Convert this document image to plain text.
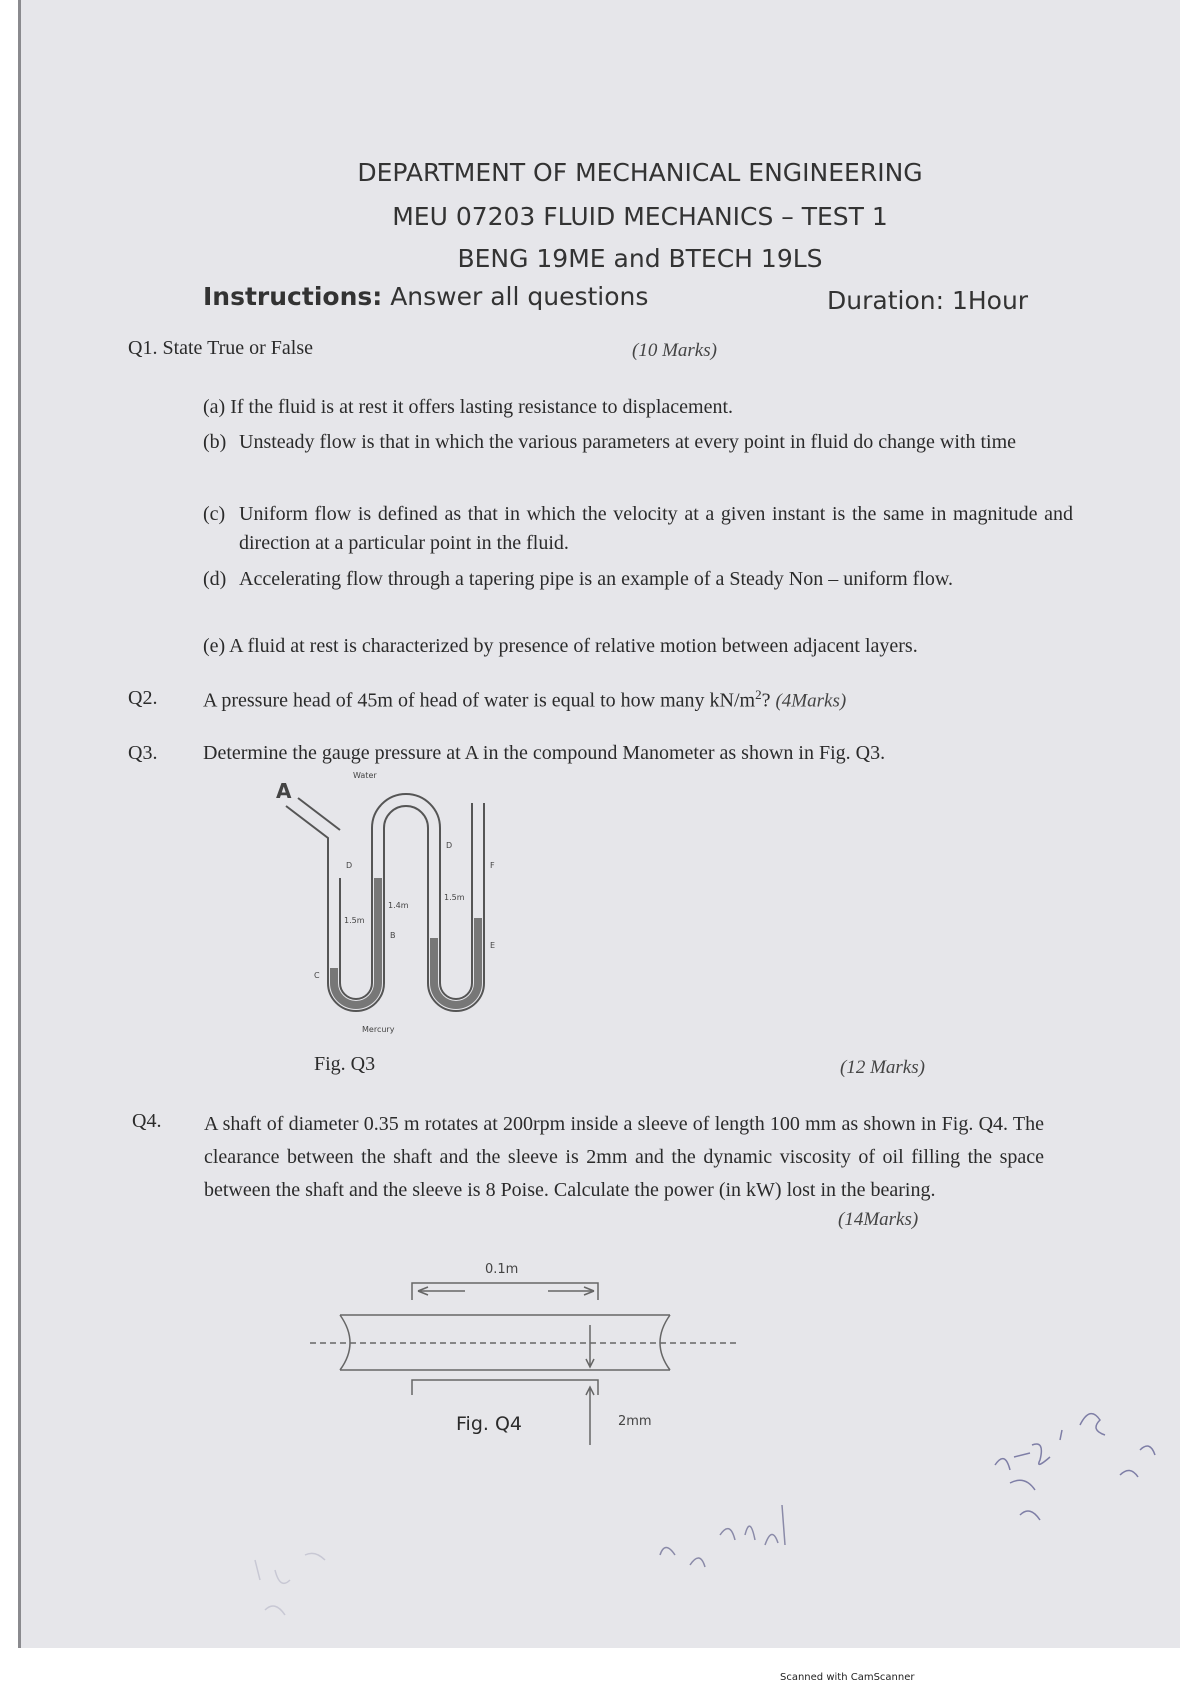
DEPARTMENT OF MECHANICAL ENGINEERING
MEU 07203 FLUID MECHANICS – TEST 1
BENG 19ME and BTECH 19LS
Instructions: Answer all questions	Duration: 1Hour
Q1. State True or False	(10 Marks)
(a) If the fluid is at rest it offers lasting resistance to displacement.
(b) Unsteady flow is that in which the various parameters at every point in fluid do change with time
(c) Uniform flow is defined as that in which the velocity at a given instant is the same in magnitude and direction at a particular point in the fluid.
(d) Accelerating flow through a tapering pipe is an example of a Steady Non – uniform flow.
(e) A fluid at rest is characterized by presence of relative motion between adjacent layers.
Q2. A pressure head of 45m of head of water is equal to how many $kN/m^2$? (4Marks)
Q3. Determine the gauge pressure at A in the compound Manometer as shown in Fig. Q3.
A
Water
Mercury
D
D
B
C
E
F
1.5m
1.5m
1.4m
Fig. Q3	(12 Marks)
Q4. A shaft of diameter 0.35 m rotates at 200rpm inside a sleeve of length 100 mm as shown in Fig. Q4. The clearance between the shaft and the sleeve is 2mm and the dynamic viscosity of oil filling the space between the shaft and the sleeve is 8 Poise. Calculate the power (in kW) lost in the bearing.
(14Marks)
0.1m
2mm
Fig. Q4
Scanned with CamScanner
